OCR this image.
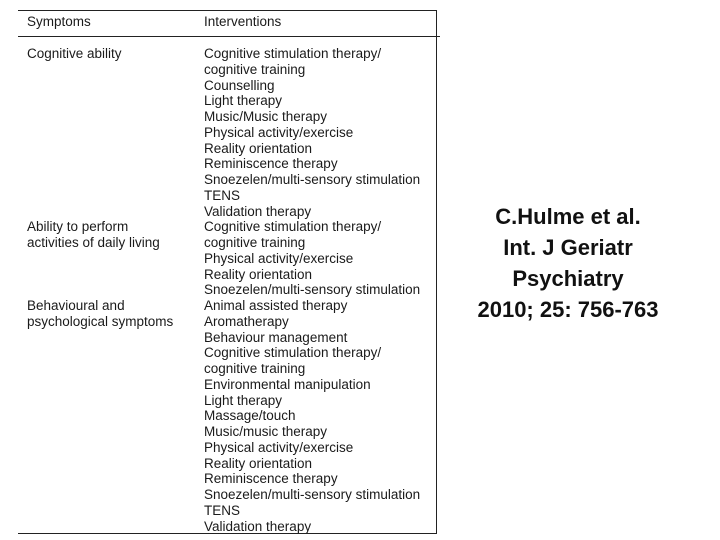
Symptoms	Interventions
Cognitive ability
Ability to perform
activities of daily living
Behavioural and
psychological symptoms
Cognitive stimulation therapy/
cognitive training
Counselling
Light therapy
Music/Music therapy
Physical activity/exercise
Reality orientation
Reminiscence therapy
Snoezelen/multi-sensory stimulation
TENS
Validation therapy
Cognitive stimulation therapy/
cognitive training
Physical activity/exercise
Reality orientation
Snoezelen/multi-sensory stimulation
Animal assisted therapy
Aromatherapy
Behaviour management
Cognitive stimulation therapy/
cognitive training
Environmental manipulation
Light therapy
Massage/touch
Music/music therapy
Physical activity/exercise
Reality orientation
Reminiscence therapy
Snoezelen/multi-sensory stimulation
TENS
Validation therapy
C.Hulme et al.
Int. J Geriatr
Psychiatry
2010; 25: 756-763
